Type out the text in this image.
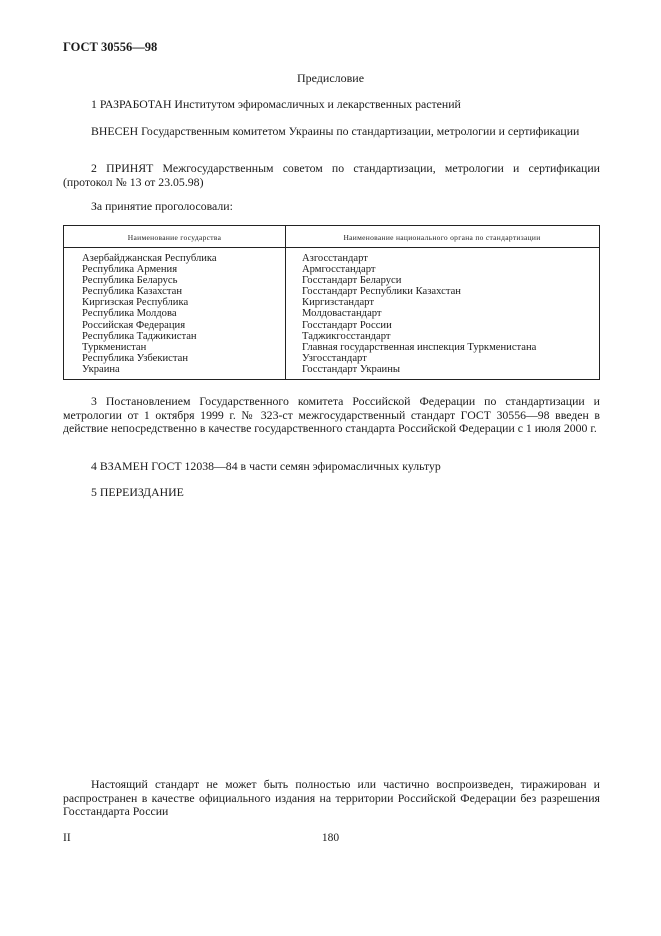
ГОСТ 30556—98
Предисловие
1 РАЗРАБОТАН Институтом эфиромасличных и лекарственных растений
ВНЕСЕН Государственным комитетом Украины по стандартизации, метрологии и сертификации
2 ПРИНЯТ Межгосударственным советом по стандартизации, метрологии и сертификации (протокол № 13 от 23.05.98)
За принятие проголосовали:
Наименование государства	Наименование национального органа по стандартизации
Азербайджанская Республика
Республика Армения
Республика Беларусь
Республика Казахстан
Киргизская Республика
Республика Молдова
Российская Федерация
Республика Таджикистан
Туркменистан
Республика Узбекистан
Украина
Азгосстандарт
Армгосстандарт
Госстандарт Беларуси
Госстандарт Республики Казахстан
Киргизстандарт
Молдовастандарт
Госстандарт России
Таджикгосстандарт
Главная государственная инспекция Туркменистана
Узгосстандарт
Госстандарт Украины
3 Постановлением Государственного комитета Российской Федерации по стандартизации и метрологии от 1 октября 1999 г. № 323-ст межгосударственный стандарт ГОСТ 30556—98 введен в действие непосредственно в качестве государственного стандарта Российской Федерации с 1 июля 2000 г.
4 ВЗАМЕН ГОСТ 12038—84 в части семян эфиромасличных культур
5 ПЕРЕИЗДАНИЕ
Настоящий стандарт не может быть полностью или частично воспроизведен, тиражирован и распространен в качестве официального издания на территории Российской Федерации без разрешения Госстандарта России
II	180
